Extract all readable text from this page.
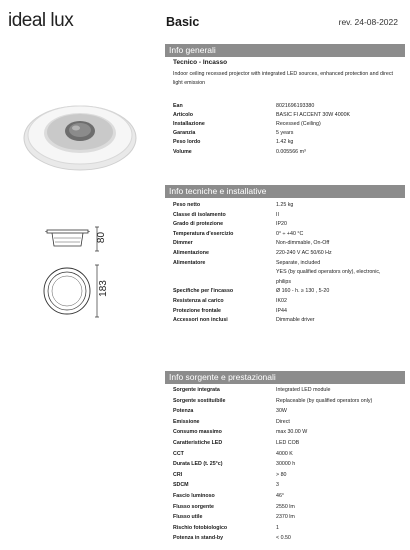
ideal lux	Basic	rev. 24-08-2022
80
183
Info generali
Tecnico - Incasso
Indoor ceiling recessed projector with integrated LED sources, enhanced protection and direct light emission
Ean	8021696193380
Articolo	BASIC FI ACCENT 30W 4000K
Installazione	Recessed (Ceiling)
Garanzia	5 years
Peso lordo	1.42 kg
Volume	0.005566 m³
Info tecniche e installative
Peso netto	1.25 kg
Classe di isolamento	II
Grado di protezione	IP20
Temperatura d'esercizio	0° ÷ +40 °C
Dimmer	Non-dimmable, On-Off
Alimentazione	220-240 V AC 50/60 Hz
Alimentatore	Separate, included
YES (by qualified operators only), electronic,
philips
Specifiche per l'incasso	Ø 160 - h. ≥ 130 , 5-20
Resistenza al carico	IK02
Protezione frontale	IP44
Accessori non inclusi	Dimmable driver
Info sorgente e prestazionali
Sorgente integrata	Integrated LED module
Sorgente sostituibile	Replaceable (by qualified operators only)
Potenza	30W
Emissione	Direct
Consumo massimo	max 30.00 W
Caratteristiche LED	LED COB
CCT	4000 K
Durata LED (t. 25°c)	30000 h
CRI	> 80
SDCM	3
Fascio luminoso	46°
Flusso sorgente	2550 lm
Flusso utile	2370 lm
Rischio fotobiologico	1
Potenza in stand-by	< 0.50
